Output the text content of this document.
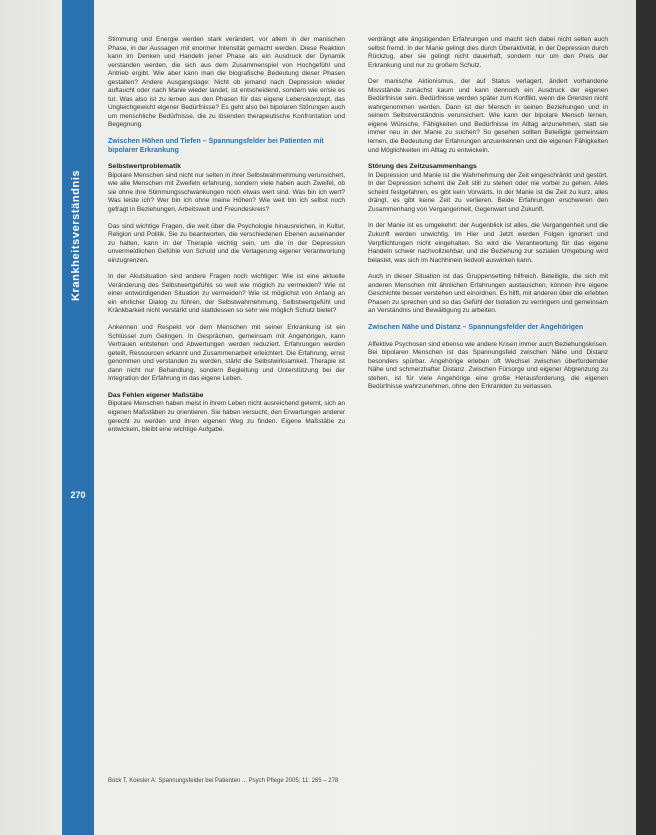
Krankheitsverständnis
270

Stimmung und Energie werden stark verändert, vor allem in der manischen Phase, in der Aussagen mit enormer Intensität gemacht werden. Diese Reaktion kann im Denken und Handeln jener Phase als ein Ausdruck der Dynamik verstanden werden, die sich aus dem Zusammenspiel von Hochgefühl und Antrieb ergibt. Wie aber kann man die biografische Bedeutung dieser Phasen gestalten? Andere Ausgangslage: Nicht ob jemand nach Depression wieder auftaucht oder nach Manie wieder landet, ist entscheidend, sondern wie er/sie es tut. Was also ist zu lernen aus den Phasen für das eigene Lebenskonzept, das Ungleichgewicht eigener Bedürfnisse? Es geht also bei bipolaren Störungen auch um menschliche Bedürfnisse, die zu lösenden therapeutische Konfrontation und Begegnung.

Zwischen Höhen und Tiefen – Spannungsfelder bei Patienten mit bipolarer Erkrankung
Selbstwertproblematik

Bipolare Menschen sind nicht nur selten in ihrer Selbstwahrnehmung verunsichert, wie alle Menschen mit Zweifeln erfahrung, sondern viele haben auch Zweifel, ob sie ohne ihre Stimmungsschwankungen noch etwas wert sind. Was bin ich wert? Was leiste ich? Wer bin ich ohne meine Höhen? Wie weit bin ich selbst noch gefragt in Beziehungen, Arbeitswelt und Freundeskreis?

Das sind wichtige Fragen, die weit über die Psychologie hinausreichen, in Kultur, Religion und Politik. Sie zu beantworten, die verschiedenen Ebenen auseinander zu halten, kann in der Therapie wichtig sein, um die in der Depression unvermeidlichen Gefühle von Schuld und die Verlagerung eigener Verantwortung einzugrenzen.

In der Akutsituation sind andere Fragen noch wichtiger: Wie ist eine aktuelle Veränderung des Selbstwertgefühls so weit wie möglich zu vermeiden? Wie ist einer entwürdigenden Situation zu vermeiden? Wie ist möglichst von Anfang an ein ehrlicher Dialog zu führen, der Selbstwahrnehmung, Selbstwertgefühl und Kränkbarkeit nicht verstärkt und stattdessen so sehr wie möglich Schutz bietet?

Ankennen und Respekt vor dem Menschen mit seiner Erkrankung ist ein Schlüssel zum Gelingen. In Gesprächen, gemeinsam mit Angehörigen, kann Vertrauen entstehen und Abwertungen werden reduziert. Erfahrungen werden geteilt, Ressourcen erkannt und Zusammenarbeit erleichtert. Die Erfahrung, ernst genommen und verstanden zu werden, stärkt die Selbstwirksamkeit. Therapie ist dann nicht nur Behandlung, sondern Begleitung und Unterstützung bei der Integration der Erfahrung in das eigene Leben.

Das Fehlen eigener Maßstäbe

Bipolare Menschen haben meist in ihrem Leben nicht ausreichend gelernt, sich an eigenen Maßstäben zu orientieren. Sie haben versucht, den Erwartungen anderer gerecht zu werden und ihren eigenen Weg zu finden. Eigene Maßstäbe zu entwickeln, bleibt eine wichtige Aufgabe.

verdrängt alle ängstigenden Erfahrungen und macht sich dabei nicht selten auch selbst fremd. In der Manie gelingt dies durch Überaktivität, in der Depression durch Rückzug, aber sie gelingt nicht dauerhaft, sondern nur um den Preis der Erkrankung und nur zu großem Schutz.

Der manische Aktionismus, der auf Status verlagert, ändert vorhandene Missstände zunächst kaum und kann dennoch ein Ausdruck der eigenen Bedürfnisse sein. Bedürfnisse werden später zum Konflikt, wenn die Grenzen nicht wahrgenommen werden. Dann ist der Mensch in seinen Beziehungen und in seinem Selbstverständnis verunsichert. Wie kann der bipolare Mensch lernen, eigene Wünsche, Fähigkeiten und Bedürfnisse im Alltag anzunehmen, statt sie immer neu in der Manie zu suchen? So gesehen sollten Beteiligte gemeinsam lernen, die Bedeutung der Erfahrungen anzuerkennen und die eigenen Fähigkeiten und Möglichkeiten im Alltag zu entwickeln.

Störung des Zeitzusammenhangs

In Depression und Manie ist die Wahrnehmung der Zeit eingeschränkt und gestört. In der Depression scheint die Zeit still zu stehen oder nie vorbei zu gehen. Alles scheint festgefahren, es gibt kein Vorwärts. In der Manie ist die Zeit zu kurz, alles drängt, es gibt keine Zeit zu verlieren. Beide Erfahrungen erschweren den Zusammenhang von Vergangenheit, Gegenwart und Zukunft.

In der Manie ist es umgekehrt: der Augenblick ist alles, die Vergangenheit und die Zukunft werden unwichtig. Im Hier und Jetzt werden Folgen ignoriert und Verpflichtungen nicht eingehalten. So wird die Verantwortung für das eigene Handeln schwer nachvollziehbar, und die Beziehung zur sozialen Umgebung wird belastet, was sich im Nachhinein leidvoll auswirken kann.

Auch in dieser Situation ist das Gruppensetting hilfreich. Beteiligte, die sich mit anderen Menschen mit ähnlichen Erfahrungen austauschen, können ihre eigene Geschichte besser verstehen und einordnen. Es hilft, mit anderen über die erlebten Phasen zu sprechen und so das Gefühl der Isolation zu verringern und gemeinsam an Verständnis und Bewältigung zu arbeiten.

Zwischen Nähe und Distanz – Spannungsfelder der Angehörigen

Affektive Psychosen sind ebenso wie andere Krisen immer auch Beziehungskrisen. Bei bipolaren Menschen ist das Spannungsfeld zwischen Nähe und Distanz besonders spürbar. Angehörige erleben oft Wechsel zwischen überfordernder Nähe und schmerzhafter Distanz. Zwischen Fürsorge und eigener Abgrenzung zu stehen, ist für viele Angehörige eine große Herausforderung, die eigenen Bedürfnisse wahrzunehmen, ohne den Erkrankten zu verlassen.

Bock T, Koesler A: Spannungsfelder bei Patienten ... Psych Pflege 2005; 11: 265 – 278
